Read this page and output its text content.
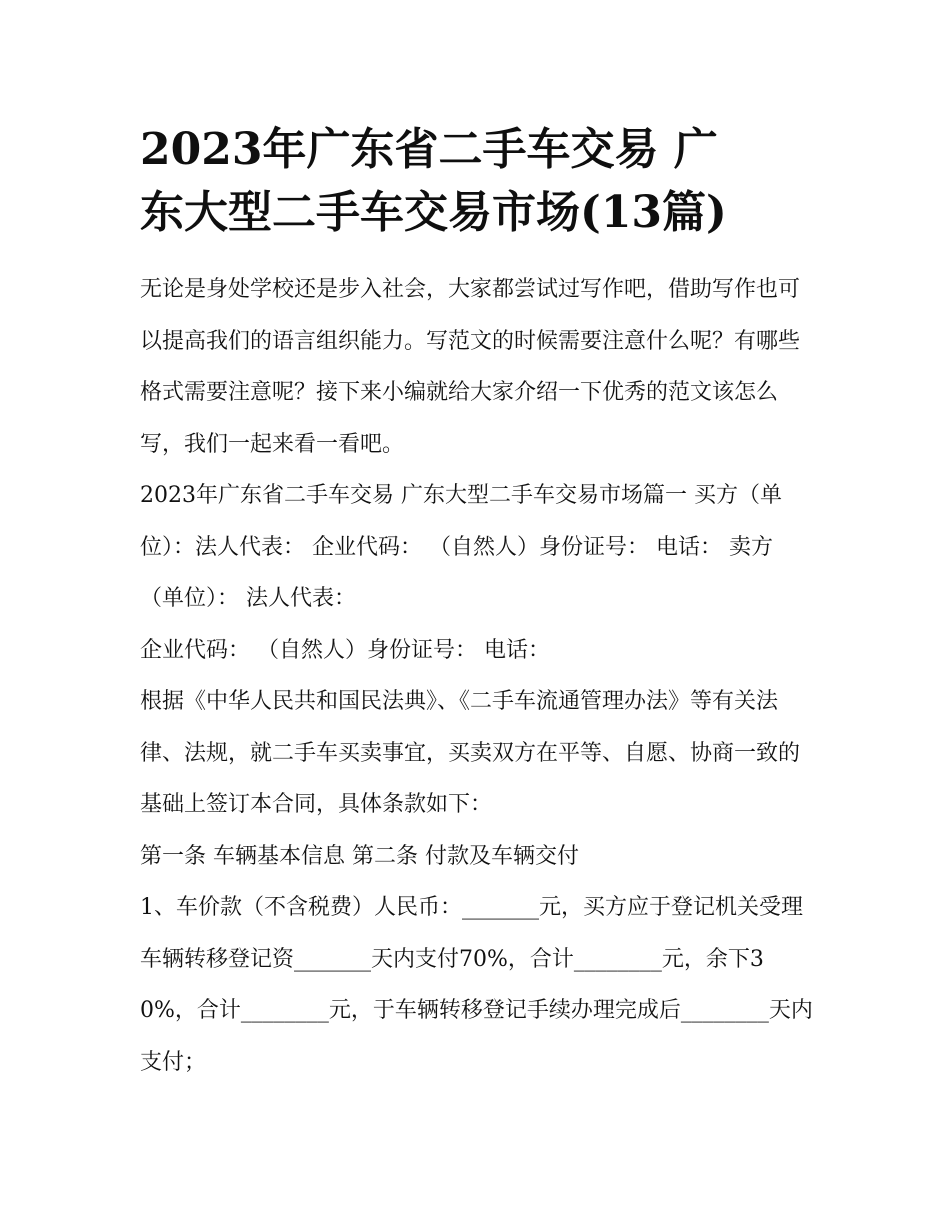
2023年广东省二手车交易 广
东大型二手车交易市场(13篇)

无论是身处学校还是步入社会，大家都尝试过写作吧，借助写作也可以提高我们的语言组织能力。写范文的时候需要注意什么呢？有哪些格式需要注意呢？接下来小编就给大家介绍一下优秀的范文该怎么写，我们一起来看一看吧。

2023年广东省二手车交易 广东大型二手车交易市场篇一 买方（单位）：法人代表： 企业代码： （自然人）身份证号： 电话： 卖方（单位）： 法人代表：

企业代码： （自然人）身份证号： 电话：

根据《中华人民共和国民法典》、《二手车流通管理办法》等有关法律、法规，就二手车买卖事宜，买卖双方在平等、自愿、协商一致的基础上签订本合同，具体条款如下：

第一条 车辆基本信息 第二条 付款及车辆交付

1、车价款（不含税费）人民币：_______元，买方应于登记机关受理车辆转移登记资_______天内支付70%，合计________元，余下30%，合计________元，于车辆转移登记手续办理完成后________天内支付；
